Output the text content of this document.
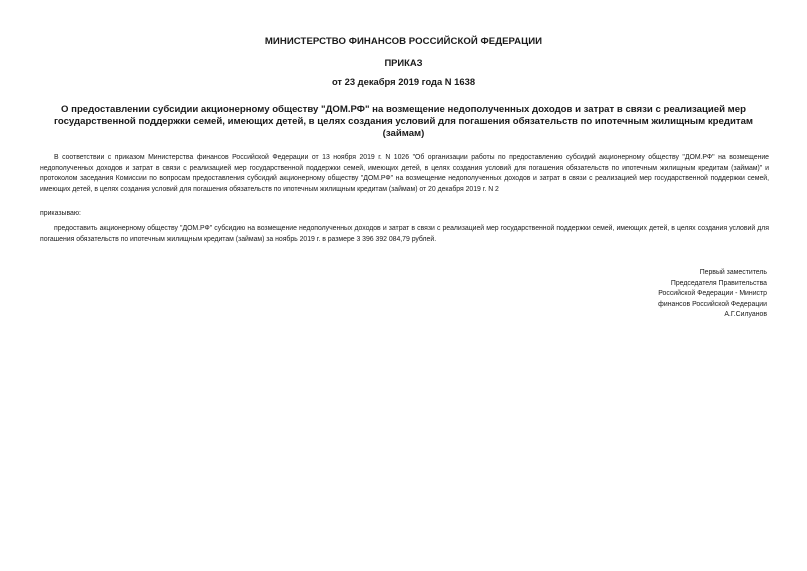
МИНИСТЕРСТВО ФИНАНСОВ РОССИЙСКОЙ ФЕДЕРАЦИИ
ПРИКАЗ
от 23 декабря 2019 года N 1638
О предоставлении субсидии акционерному обществу "ДОМ.РФ" на возмещение недополученных доходов и затрат в связи с реализацией мер государственной поддержки семей, имеющих детей, в целях создания условий для погашения обязательств по ипотечным жилищным кредитам (займам)
В соответствии с приказом Министерства финансов Российской Федерации от 13 ноября 2019 г. N 1026 "Об организации работы по предоставлению субсидий акционерному обществу "ДОМ.РФ" на возмещение недополученных доходов и затрат в связи с реализацией мер государственной поддержки семей, имеющих детей, в целях создания условий для погашения обязательств по ипотечным жилищным кредитам (займам)" и протоколом заседания Комиссии по вопросам предоставления субсидий акционерному обществу "ДОМ.РФ" на возмещение недополученных доходов и затрат в связи с реализацией мер государственной поддержки семей, имеющих детей, в целях создания условий для погашения обязательств по ипотечным жилищным кредитам (займам) от 20 декабря 2019 г. N 2
приказываю:
предоставить акционерному обществу "ДОМ.РФ" субсидию на возмещение недополученных доходов и затрат в связи с реализацией мер государственной поддержки семей, имеющих детей, в целях создания условий для погашения обязательств по ипотечным жилищным кредитам (займам) за ноябрь 2019 г. в размере 3 396 392 084,79 рублей.
Первый заместитель
Председателя Правительства
Российской Федерации - Министр
финансов Российской Федерации
А.Г.Силуанов
